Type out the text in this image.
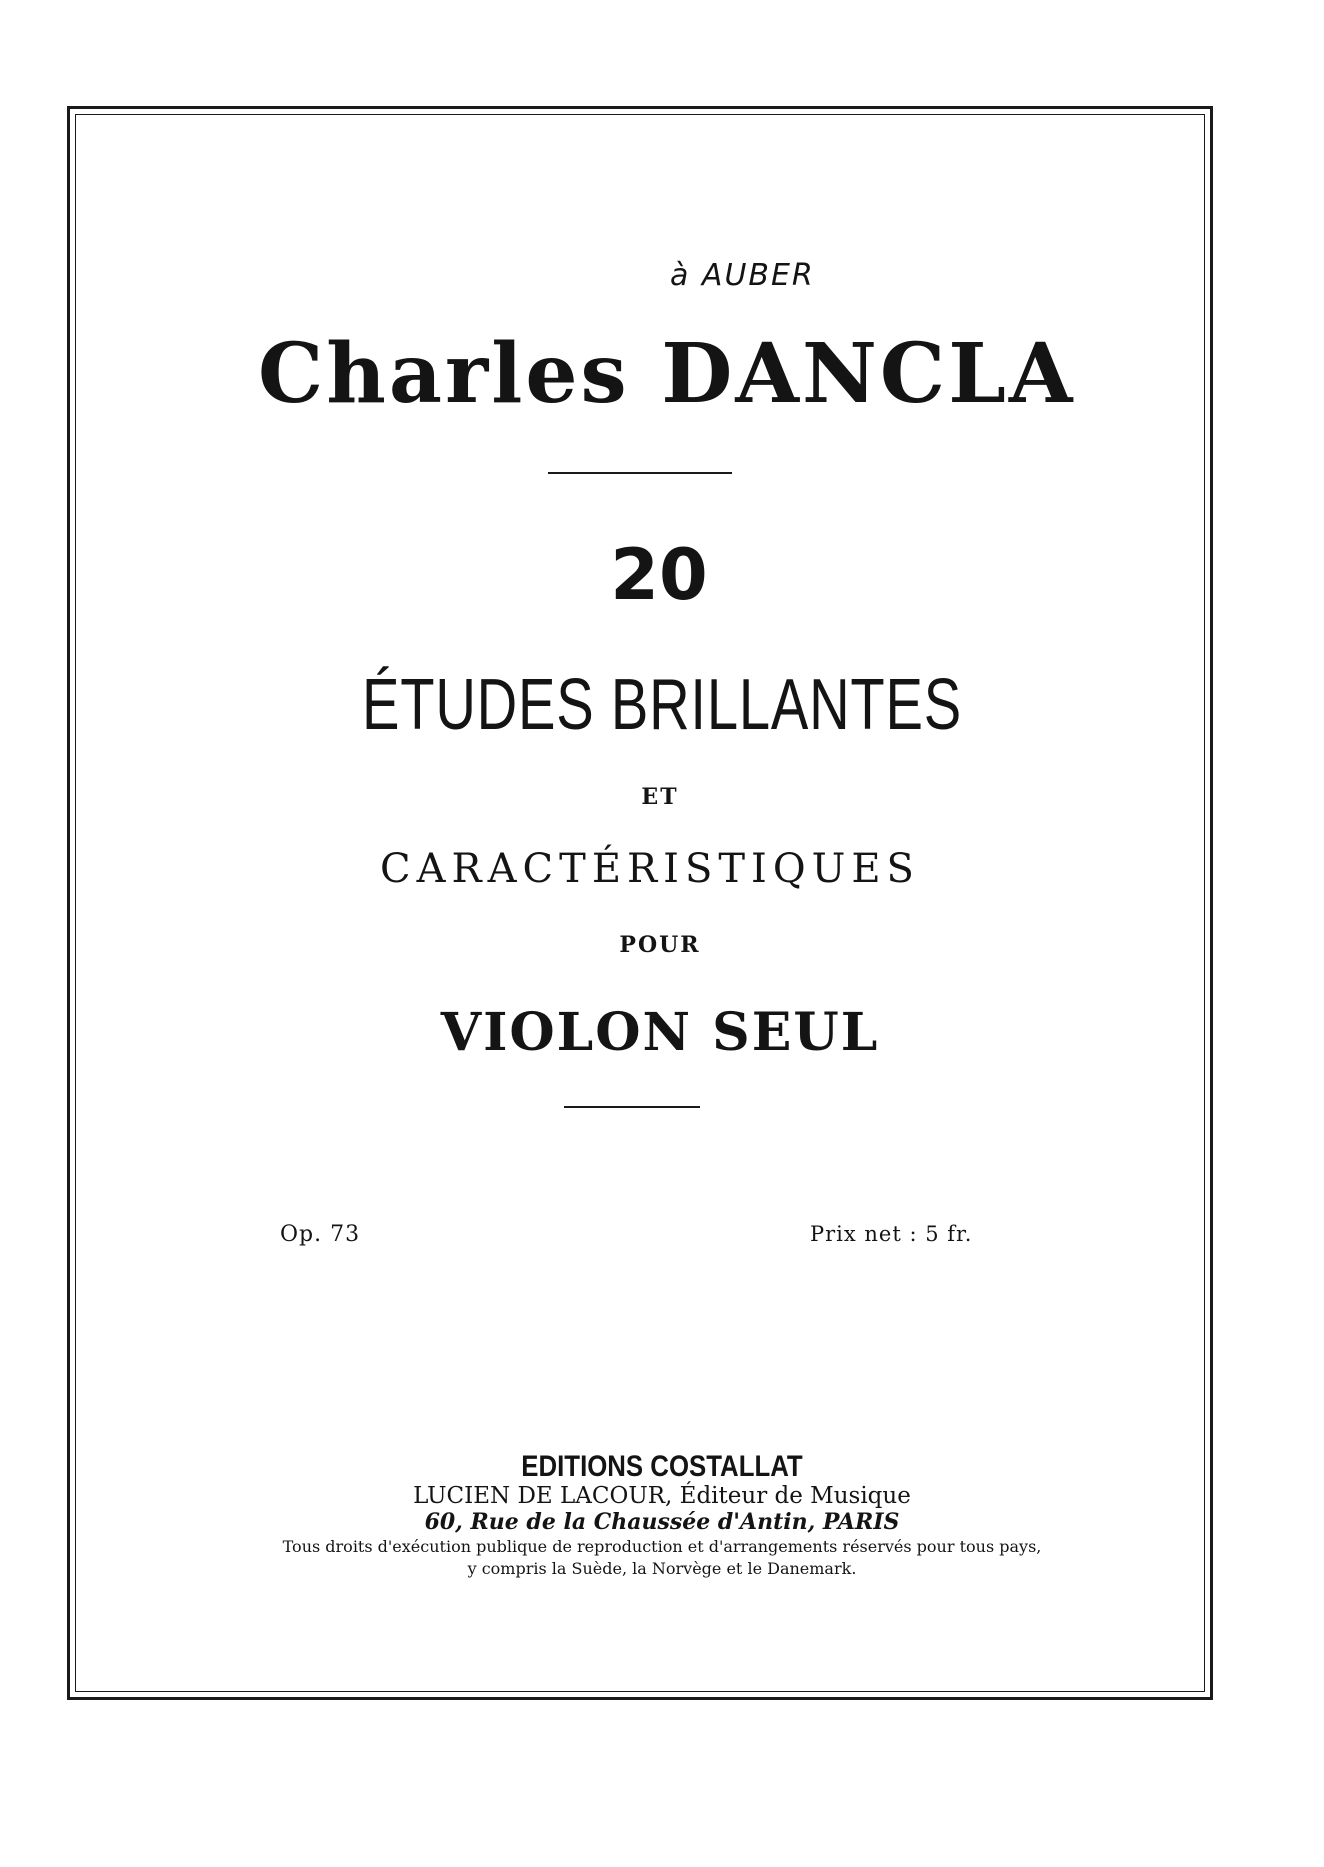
à AUBER
Charles DANCLA
20
ÉTUDES BRILLANTES
ET
CARACTÉRISTIQUES
POUR
VIOLON SEUL
Op. 73	Prix net : 5 fr.
EDITIONS COSTALLAT
LUCIEN DE LACOUR, Éditeur de Musique
60, Rue de la Chaussée d'Antin, PARIS
Tous droits d'exécution publique de reproduction et d'arrangements réservés pour tous pays,
y compris la Suède, la Norvège et le Danemark.
